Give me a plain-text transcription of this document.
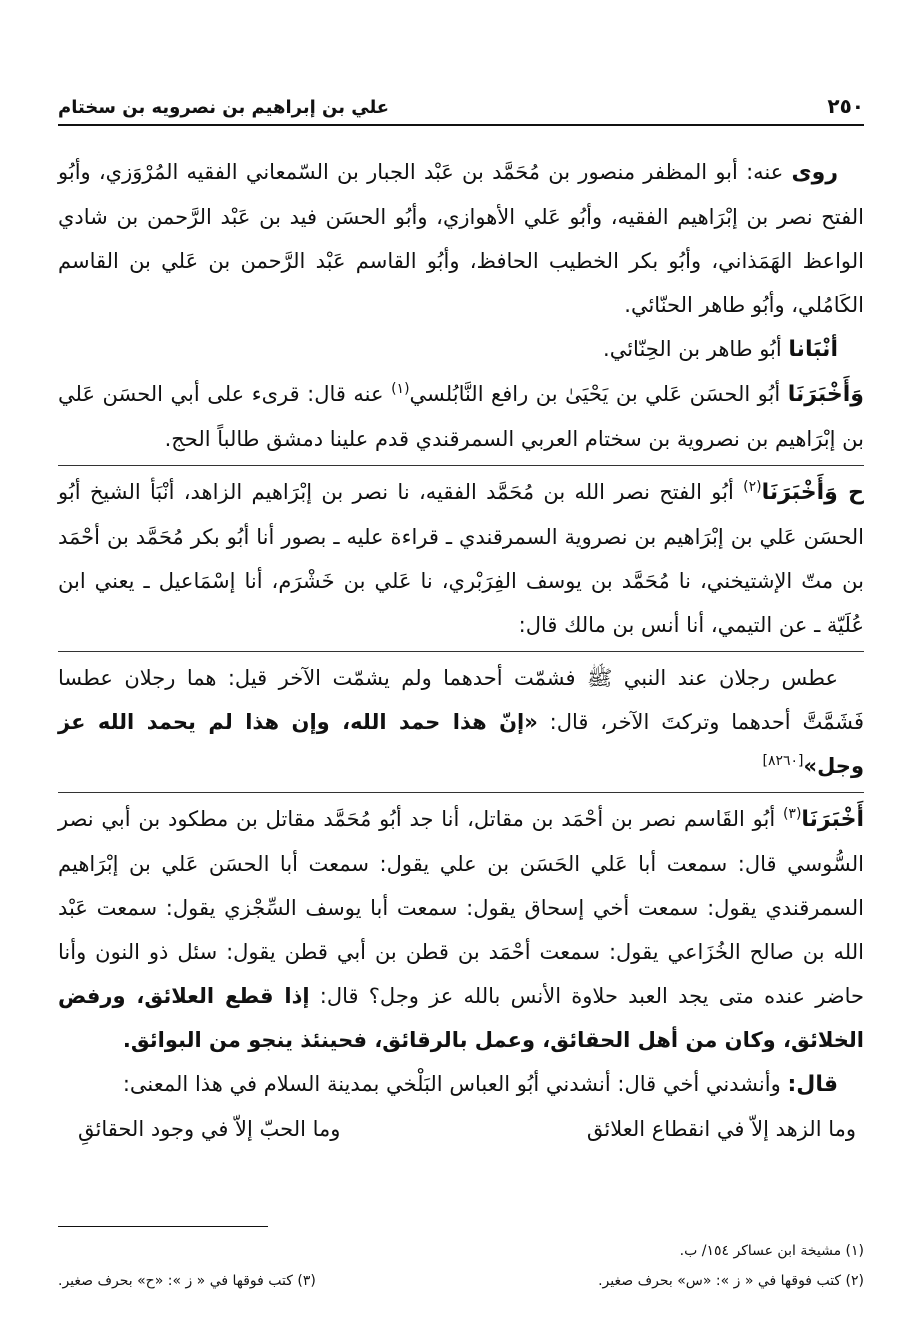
٢٥٠
علي بن إبراهيم بن نصرويه بن سختام

روى عنه: أبو المظفر منصور بن مُحَمَّد بن عَبْد الجبار بن السّمعاني الفقيه المُرْوَزي، وأبُو الفتح نصر بن إبْرَاهيم الفقيه، وأبُو عَلي الأهوازي، وأبُو الحسَن فيد بن عَبْد الرَّحمن بن شادي الواعظ الهَمَذاني، وأبُو بكر الخطيب الحافظ، وأبُو القاسم عَبْد الرَّحمن بن عَلي بن القاسم الكَامُلي، وأبُو طاهر الحنّائي.

أنْبَانا أبُو طاهر بن الحِنّائي.

وَأَخْبَرَنَا أبُو الحسَن عَلي بن يَحْيَىٰ بن رافع النَّابُلسي$^{(١)}$ عنه قال: قرىء على أبي الحسَن عَلي بن إبْرَاهيم بن نصروية بن سختام العربي السمرقندي قدم علينا دمشق طالباً الحج.

ح وَأَخْبَرَنَا$^{(٢)}$ أبُو الفتح نصر الله بن مُحَمَّد الفقيه، نا نصر بن إبْرَاهيم الزاهد، أنْبَأ الشيخ أبُو الحسَن عَلي بن إبْرَاهيم بن نصروية السمرقندي ـ قراءة عليه ـ بصور أنا أبُو بكر مُحَمَّد بن أحْمَد بن متّ الإشتيخني، نا مُحَمَّد بن يوسف الفِرَبْري، نا عَلي بن خَشْرَم، أنا إسْمَاعيل ـ يعني ابن عُلَيّة ـ عن التيمي، أنا أنس بن مالك قال:

عطس رجلان عند النبي ﷺ فشمّت أحدهما ولم يشمّت الآخر قيل: هما رجلان عطسا فَشَمَّتَّ أحدهما وتركتَ الآخر، قال: «إنّ هذا حمد الله، وإن هذا لم يحمد الله عز وجل»[٨٢٦٠]

أَخْبَرَنَا$^{(٣)}$ أبُو القَاسم نصر بن أحْمَد بن مقاتل، أنا جد أبُو مُحَمَّد مقاتل بن مطكود بن أبي نصر السُّوسي قال: سمعت أبا عَلي الحَسَن بن علي يقول: سمعت أبا الحسَن عَلي بن إبْرَاهيم السمرقندي يقول: سمعت أخي إسحاق يقول: سمعت أبا يوسف السِّجْزي يقول: سمعت عَبْد الله بن صالح الخُزَاعي يقول: سمعت أحْمَد بن قطن بن أبي قطن يقول: سئل ذو النون وأنا حاضر عنده متى يجد العبد حلاوة الأنس بالله عز وجل؟ قال: إذا قطع العلائق، ورفض الخلائق، وكان من أهل الحقائق، وعمل بالرقائق، فحينئذ ينجو من البوائق.

قال: وأنشدني أخي قال: أنشدني أبُو العباس البَلْخي بمدينة السلام في هذا المعنى:

وما الزهد إلاّ في انقطاع العلائق
وما الحبّ إلاّ في وجود الحقائقِ
(١) مشيخة ابن عساكر ١٥٤/ ب.
(٢) كتب فوقها في « ز »: «س» بحرف صغير.
(٣) كتب فوقها في « ز »: «ح» بحرف صغير.
